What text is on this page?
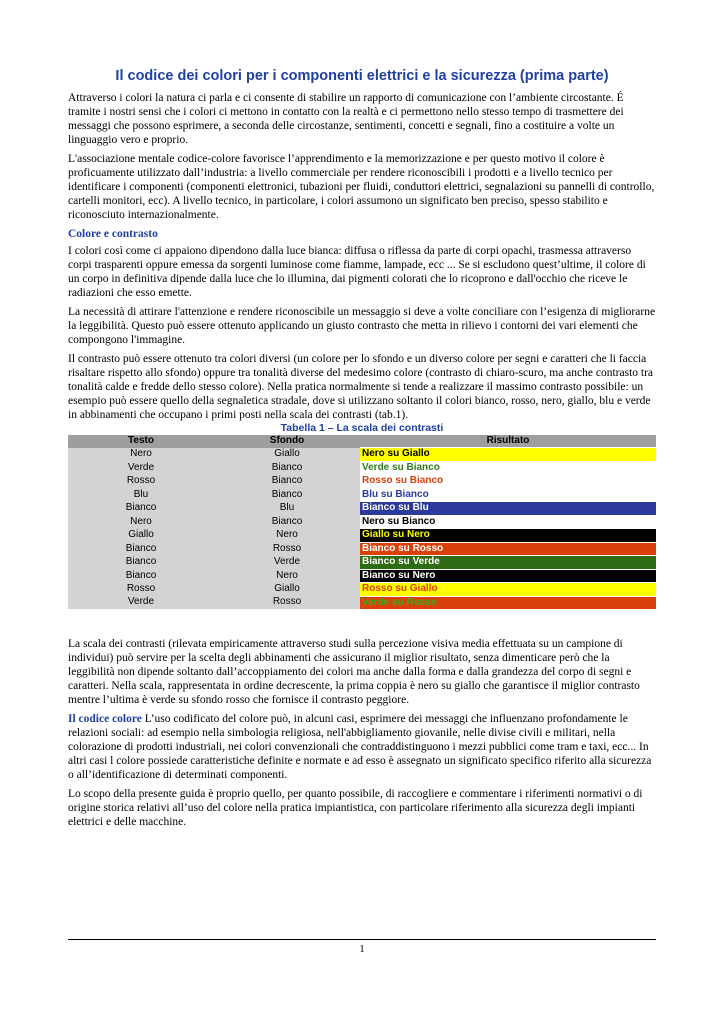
Il codice dei colori per i componenti elettrici e la sicurezza (prima parte)

Attraverso i colori la natura ci parla e ci consente di stabilire un rapporto di comunicazione con l’ambiente circostante. É tramite i nostri sensi che i colori ci mettono in contatto con la realtà e ci permettono nello stesso tempo di trasmettere dei messaggi che possono esprimere, a seconda delle circostanze, sentimenti, concetti e segnali, fino a costituire a volte un linguaggio vero e proprio.

L'associazione mentale codice-colore favorisce l’apprendimento e la memorizzazione e per questo motivo il colore è proficuamente utilizzato dall’industria: a livello commerciale per rendere riconoscibili i prodotti e a livello tecnico per identificare i componenti (componenti elettronici, tubazioni per fluidi, conduttori elettrici, segnalazioni su pannelli di controllo, cartelli monitori, ecc). A livello tecnico, in particolare, i colori assumono un significato ben preciso, spesso stabilito e riconosciuto internazionalmente.

Colore e contrasto

I colori così come ci appaiono dipendono dalla luce bianca: diffusa o riflessa da parte di corpi opachi, trasmessa attraverso corpi trasparenti oppure emessa da sorgenti luminose come fiamme, lampade, ecc ... Se si escludono quest’ultime, il colore di un corpo in definitiva dipende dalla luce che lo illumina, dai pigmenti colorati che lo ricoprono e dall'occhio che riceve le radiazioni che esso emette.

La necessità di attirare l'attenzione e rendere riconoscibile un messaggio si deve a volte conciliare con l’esigenza di migliorarne la leggibilità. Questo può essere ottenuto applicando un giusto contrasto che metta in rilievo i contorni dei vari elementi che compongono l'immagine.

Il contrasto può essere ottenuto tra colori diversi (un colore per lo sfondo e un diverso colore per segni e caratteri che li faccia risaltare rispetto allo sfondo) oppure tra tonalità diverse del medesimo colore (contrasto di chiaro-scuro, ma anche contrasto tra tonalità calde e fredde dello stesso colore). Nella pratica normalmente si tende a realizzare il massimo contrasto possibile: un esempio può essere quello della segnaletica stradale, dove si utilizzano soltanto il colori bianco, rosso, nero, giallo, blu e verde in abbinamenti che occupano i primi posti nella scala dei contrasti (tab.1).

Tabella 1 – La scala dei contrasti
Testo	Sfondo	Risultato
Nero	Giallo	Nero su Giallo
Verde	Bianco	Verde su Bianco
Rosso	Bianco	Rosso su Bianco
Blu	Bianco	Blu su Bianco
Bianco	Blu	Bianco su Blu
Nero	Bianco	Nero su Bianco
Giallo	Nero	Giallo su Nero
Bianco	Rosso	Bianco su Rosso
Bianco	Verde	Bianco su Verde
Bianco	Nero	Bianco su Nero
Rosso	Giallo	Rosso su Giallo
Verde	Rosso	Verde su Rosso

La scala dei contrasti (rilevata empiricamente attraverso studi sulla percezione visiva media effettuata su un campione di individui) può servire per la scelta degli abbinamenti che assicurano il miglior risultato, senza dimenticare però che la leggibilità non dipende soltanto dall’accoppiamento dei colori ma anche dalla forma e dalla grandezza del corpo di segni e caratteri. Nella scala, rappresentata in ordine decrescente, la prima coppia è nero su giallo che garantisce il miglior contrasto mentre l’ultima è verde su sfondo rosso che fornisce il contrasto peggiore.

Il codice colore L’uso codificato del colore può, in alcuni casi, esprimere dei messaggi che influenzano profondamente le relazioni sociali: ad esempio nella simbologia religiosa, nell'abbigliamento giovanile, nelle divise civili e militari, nella colorazione di prodotti industriali, nei colori convenzionali che contraddistinguono i mezzi pubblici come tram e taxi, ecc... In altri casi l colore possiede caratteristiche definite e normate e ad esso è assegnato un significato specifico riferito alla sicurezza o all’identificazione di determinati componenti.

Lo scopo della presente guida è proprio quello, per quanto possibile, di raccogliere e commentare i riferimenti normativi o di origine storica relativi all’uso del colore nella pratica impiantistica, con particolare riferimento alla sicurezza degli impianti elettrici e delle macchine.

1
